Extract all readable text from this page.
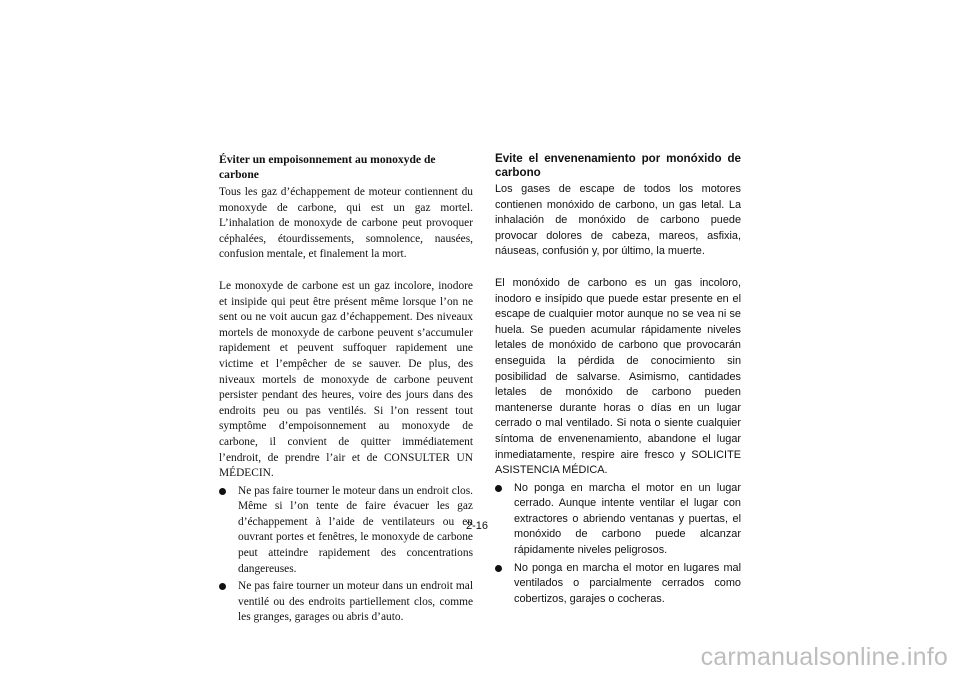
Éviter un empoisonnement au monoxyde de carbone

Tous les gaz d’échappement de moteur contiennent du monoxyde de carbone, qui est un gaz mortel. L’inhalation de monoxyde de carbone peut provoquer céphalées, étourdissements, somnolence, nausées, confusion mentale, et finalement la mort.

Le monoxyde de carbone est un gaz incolore, inodore et insipide qui peut être présent même lorsque l’on ne sent ou ne voit aucun gaz d’échappement. Des niveaux mortels de monoxyde de carbone peuvent s’accumuler rapidement et peuvent suffoquer rapidement une victime et l’empêcher de se sauver. De plus, des niveaux mortels de monoxyde de carbone peuvent persister pendant des heures, voire des jours dans des endroits peu ou pas ventilés. Si l’on ressent tout symptôme d’empoisonnement au monoxyde de carbone, il convient de quitter immédiatement l’endroit, de prendre l’air et de CONSULTER UN MÉDECIN.

Ne pas faire tourner le moteur dans un endroit clos. Même si l’on tente de faire évacuer les gaz d’échappement à l’aide de ventilateurs ou en ouvrant portes et fenêtres, le monoxyde de carbone peut atteindre rapidement des concentrations dangereuses.
Ne pas faire tourner un moteur dans un endroit mal ventilé ou des endroits partiellement clos, comme les granges, garages ou abris d’auto.
Evite el envenenamiento por monóxido de carbono

Los gases de escape de todos los motores contienen monóxido de carbono, un gas letal. La inhalación de monóxido de carbono puede provocar dolores de cabeza, mareos, asfixia, náuseas, confusión y, por último, la muerte.

El monóxido de carbono es un gas incoloro, inodoro e insípido que puede estar presente en el escape de cualquier motor aunque no se vea ni se huela. Se pueden acumular rápidamente niveles letales de monóxido de carbono que provocarán enseguida la pérdida de conocimiento sin posibilidad de salvarse. Asimismo, cantidades letales de monóxido de carbono pueden mantenerse durante horas o días en un lugar cerrado o mal ventilado. Si nota o siente cualquier síntoma de envenenamiento, abandone el lugar inmediatamente, respire aire fresco y SOLICITE ASISTENCIA MÉDICA.

No ponga en marcha el motor en un lugar cerrado. Aunque intente ventilar el lugar con extractores o abriendo ventanas y puertas, el monóxido de carbono puede alcanzar rápidamente niveles peligrosos.
No ponga en marcha el motor en lugares mal ventilados o parcialmente cerrados como cobertizos, garajes o cocheras.
2-16
carmanualsonline.info
